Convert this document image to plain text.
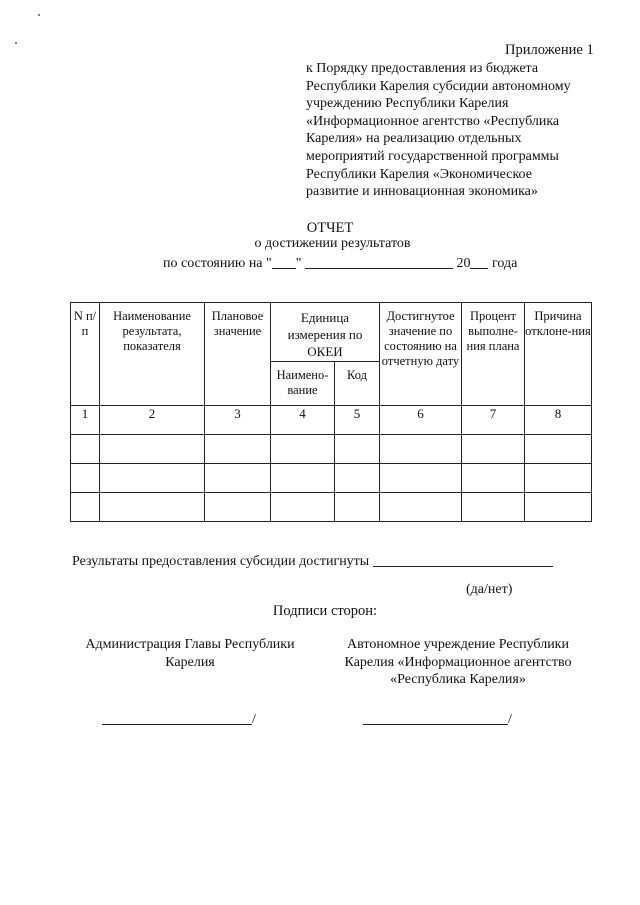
Приложение 1
к Порядку предоставления из бюджета
Республики Карелия субсидии автономному
учреждению Республики Карелия
«Информационное агентство «Республика
Карелия» на реализацию отдельных
мероприятий государственной программы
Республики Карелия «Экономическое
развитие и инновационная экономика»
ОТЧЕТ
о достижении результатов
по состоянию на " "	20 года
N п/п	Наименование результата, показателя	Плановое значение	Единица измерения по ОКЕИ		Достигнутое значение по состоянию на отчетную дату	Процент выполне-ния плана	Причина отклоне-ния
			Наимено-вание	Код			
1	2	3	4	5	6	7	8

Результаты предоставления субсидии достигнуты
(да/нет)
Подписи сторон:
Администрация Главы Республики Карелия
Автономное учреждение Республики Карелия «Информационное агентство «Республика Карелия»
/	/
